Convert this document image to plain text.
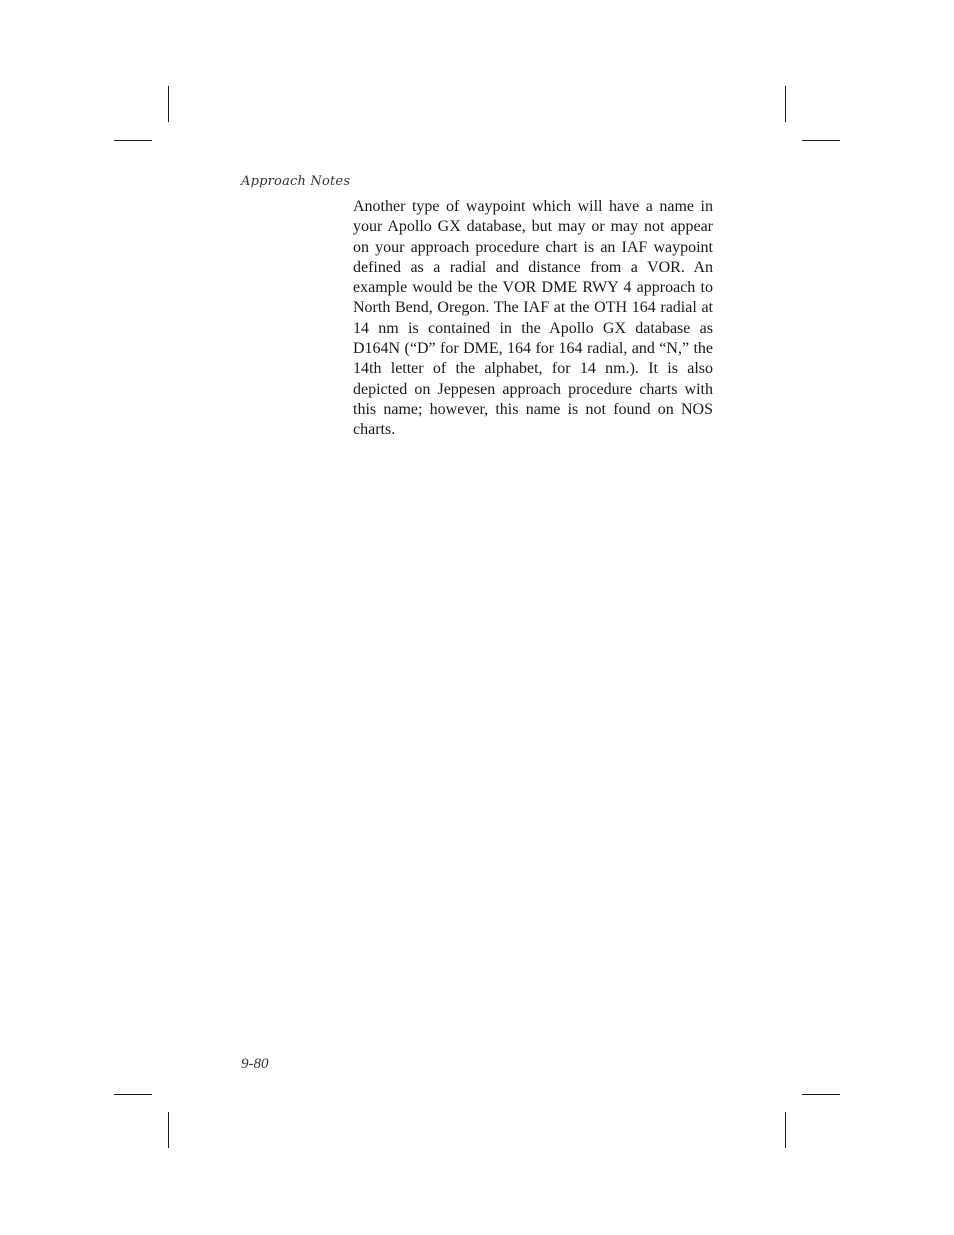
Approach Notes

Another type of waypoint which will have a name in your Apollo GX database, but may or may not appear on your approach procedure chart is an IAF waypoint defined as a radial and distance from a VOR. An example would be the VOR DME RWY 4 approach to North Bend, Oregon. The IAF at the OTH 164 radial at 14 nm is contained in the Apollo GX database as D164N (“D” for DME, 164 for 164 radial, and “N,” the 14th letter of the alphabet, for 14 nm.). It is also depicted on Jeppesen approach procedure charts with this name; however, this name is not found on NOS charts.

9-80
